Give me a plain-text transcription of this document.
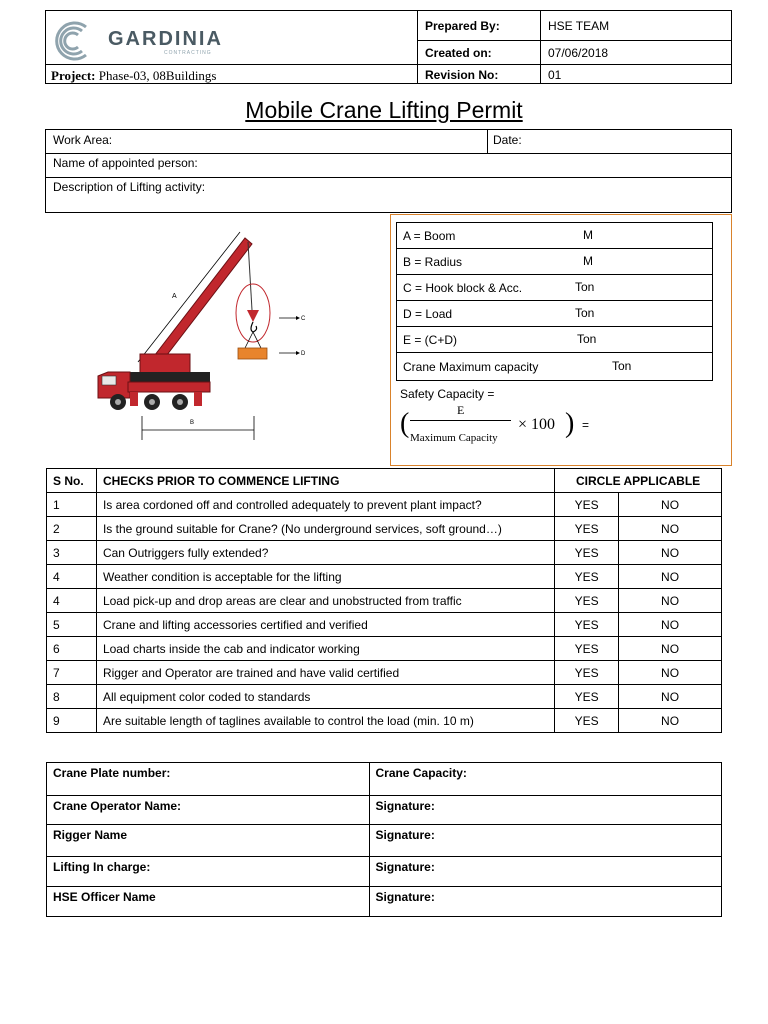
GARDINIA
CONTRACTING
Project: Phase-03, 08Buildings
Prepared By:	HSE TEAM
Created on:	07/06/2018
Revision No:	01
Mobile Crane Lifting Permit
Work Area:	Date:
Name of appointed person:
Description of Lifting activity:
A
C
D
B
A = Boom	M

B = Radius	M

C = Hook block & Acc.	Ton

D = Load	Ton

E = (C+D)	Ton

Crane Maximum capacity	Ton
Safety Capacity =
(	E
Maximum Capacity
× 100 ) =
S No.	CHECKS PRIOR TO COMMENCE LIFTING	CIRCLE APPLICABLE	
1	Is area cordoned off and controlled adequately to prevent plant impact?	YES	NO
2	Is the ground suitable for Crane? (No underground services, soft ground…)	YES	NO
3	Can Outriggers fully extended?	YES	NO
4	Weather condition is acceptable for the lifting	YES	NO
4	Load pick-up and drop areas are clear and unobstructed from traffic	YES	NO
5	Crane and lifting accessories certified and verified	YES	NO
6	Load charts inside the cab and indicator working	YES	NO
7	Rigger and Operator are trained and have valid certified	YES	NO
8	All equipment color coded to standards	YES	NO
9	Are suitable length of taglines available to control the load (min. 10 m)	YES	NO
Crane Plate number:	Crane Capacity:
Crane Operator Name:	Signature:
Rigger Name	Signature:
Lifting In charge:	Signature:
HSE Officer Name	Signature:
